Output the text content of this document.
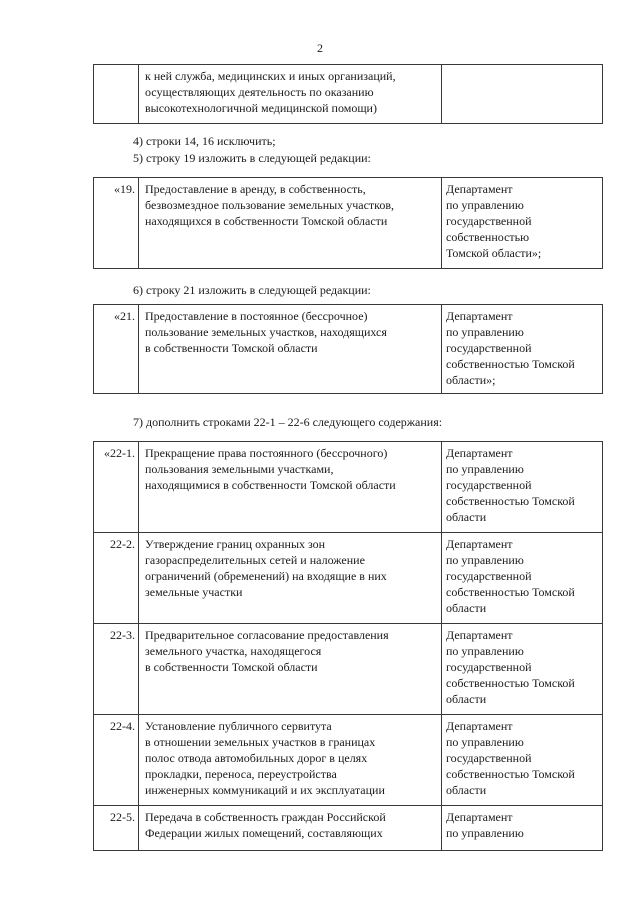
2
к ней служба, медицинских и иных организаций,
осуществляющих деятельность по оказанию
высокотехнологичной медицинской помощи)
4) строки 14, 16 исключить;
5) строку 19 изложить в следующей редакции:
«19. Предоставление в аренду, в собственность,
безвозмездное пользование земельных участков,
находящихся в собственности Томской области
Департамент
по управлению
государственной
собственностью
Томской области»;
6) строку 21 изложить в следующей редакции:
«21. Предоставление в постоянное (бессрочное)
пользование земельных участков, находящихся
в собственности Томской области
Департамент
по управлению
государственной
собственностью Томской
области»;
7) дополнить строками 22-1 – 22-6 следующего содержания:
«22-1. Прекращение права постоянного (бессрочного)
пользования земельными участками,
находящимися в собственности Томской области
Департамент
по управлению
государственной
собственностью Томской
области
22-2. Утверждение границ охранных зон
газораспределительных сетей и наложение
ограничений (обременений) на входящие в них
земельные участки
Департамент
по управлению
государственной
собственностью Томской
области
22-3. Предварительное согласование предоставления
земельного участка, находящегося
в собственности Томской области
Департамент
по управлению
государственной
собственностью Томской
области
22-4. Установление публичного сервитута
в отношении земельных участков в границах
полос отвода автомобильных дорог в целях
прокладки, переноса, переустройства
инженерных коммуникаций и их эксплуатации
Департамент
по управлению
государственной
собственностью Томской
области
22-5. Передача в собственность граждан Российской
Федерации жилых помещений, составляющих
Департамент
по управлению
